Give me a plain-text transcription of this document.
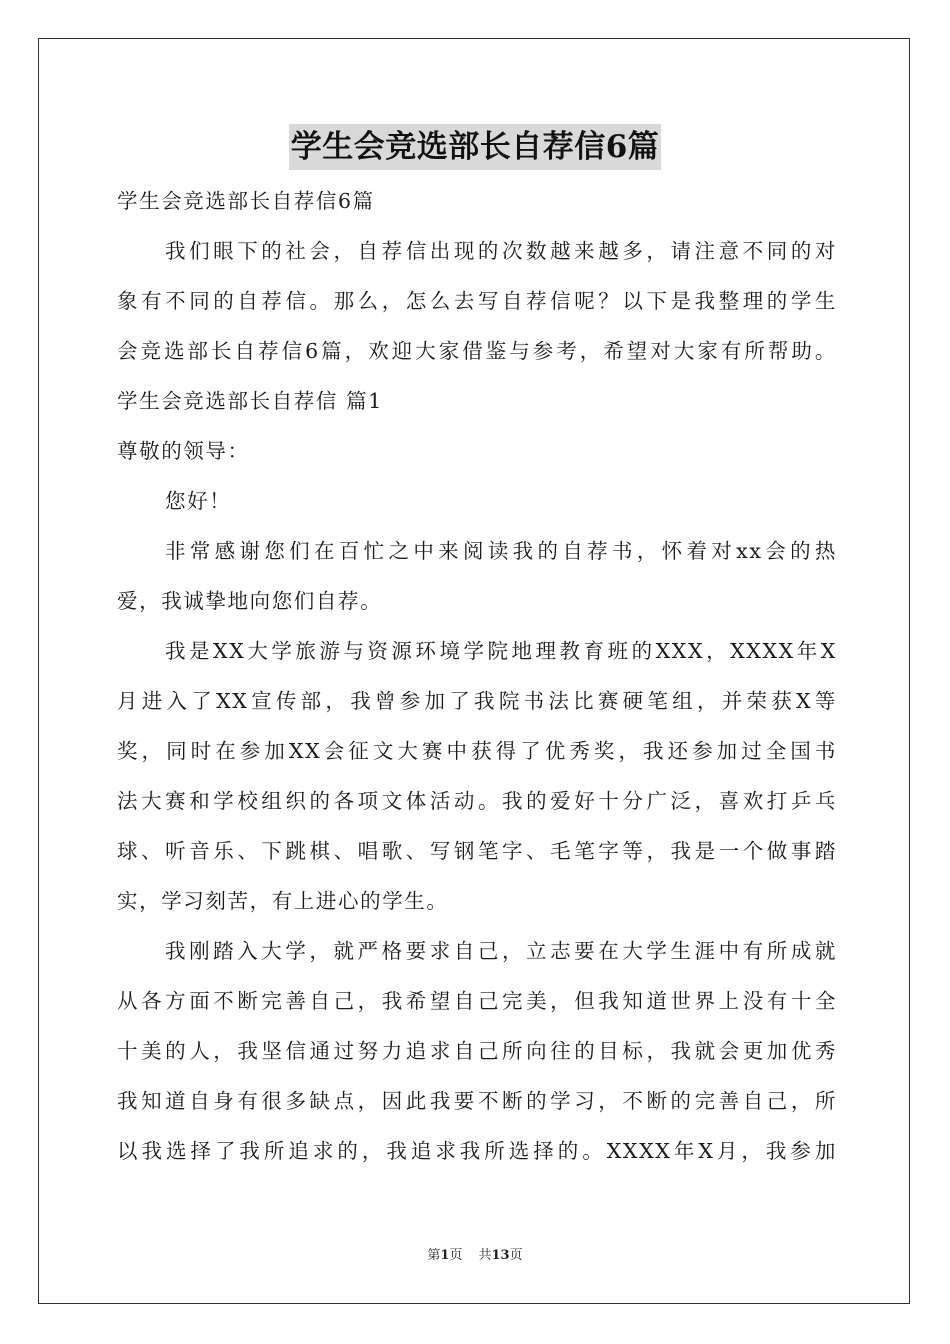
学生会竞选部长自荐信6篇
学生会竞选部长自荐信6篇
我们眼下的社会，自荐信出现的次数越来越多，请注意不同的对
象有不同的自荐信。那么，怎么去写自荐信呢？以下是我整理的学生
会竞选部长自荐信6篇，欢迎大家借鉴与参考，希望对大家有所帮助。
学生会竞选部长自荐信 篇1
尊敬的领导：
您好！
非常感谢您们在百忙之中来阅读我的自荐书，怀着对xx会的热
爱，我诚挚地向您们自荐。
我是XX大学旅游与资源环境学院地理教育班的XXX，XXXX年X
月进入了XX宣传部，我曾参加了我院书法比赛硬笔组，并荣获X等
奖，同时在参加XX会征文大赛中获得了优秀奖，我还参加过全国书
法大赛和学校组织的各项文体活动。我的爱好十分广泛，喜欢打乒乓
球、听音乐、下跳棋、唱歌、写钢笔字、毛笔字等，我是一个做事踏
实，学习刻苦，有上进心的学生。
我刚踏入大学，就严格要求自己，立志要在大学生涯中有所成就
从各方面不断完善自己，我希望自己完美，但我知道世界上没有十全
十美的人，我坚信通过努力追求自己所向往的目标，我就会更加优秀
我知道自身有很多缺点，因此我要不断的学习，不断的完善自己，所
以我选择了我所追求的，我追求我所选择的。XXXX年X月，我参加
第1页 共13页
